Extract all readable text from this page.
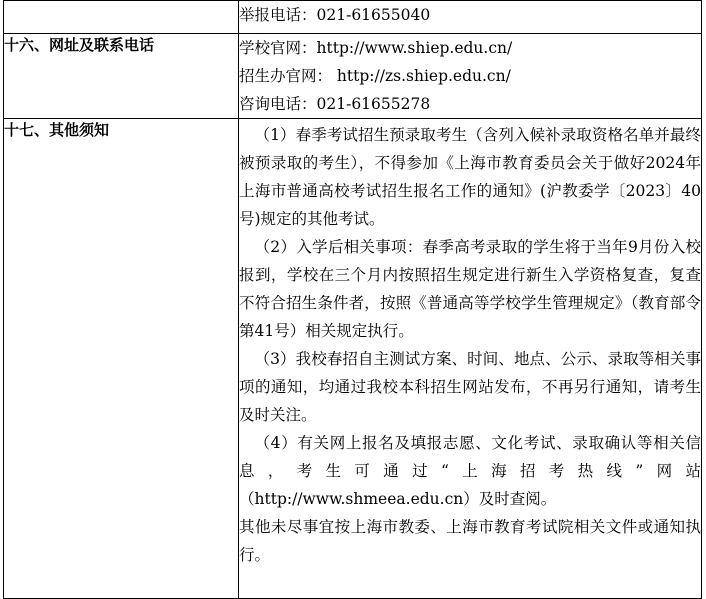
	举报电话：021-61655040

十六、网址及联系电话	学校官网：http://www.shiep.edu.cn/
招生办官网： http://zs.shiep.edu.cn/
咨询电话：021-61655278

十七、其他须知	（1）春季考试招生预录取考生（含列入候补录取资格名单并最终被预录取的考生），不得参加《上海市教育委员会关于做好2024年上海市普通高校考试招生报名工作的通知》(沪教委学〔2023〕40号)规定的其他考试。
（2）入学后相关事项：春季高考录取的学生将于当年9月份入校报到，学校在三个月内按照招生规定进行新生入学资格复查，复查不符合招生条件者，按照《普通高等学校学生管理规定》（教育部令第41号）相关规定执行。
（3）我校春招自主测试方案、时间、地点、公示、录取等相关事项的通知，均通过我校本科招生网站发布，不再另行通知，请考生及时关注。
（4）有关网上报名及填报志愿、文化考试、录取确认等相关信息，考生可通过“上海招考热线”网站（http://www.shmeea.edu.cn）及时查阅。
其他未尽事宜按上海市教委、上海市教育考试院相关文件或通知执行。
